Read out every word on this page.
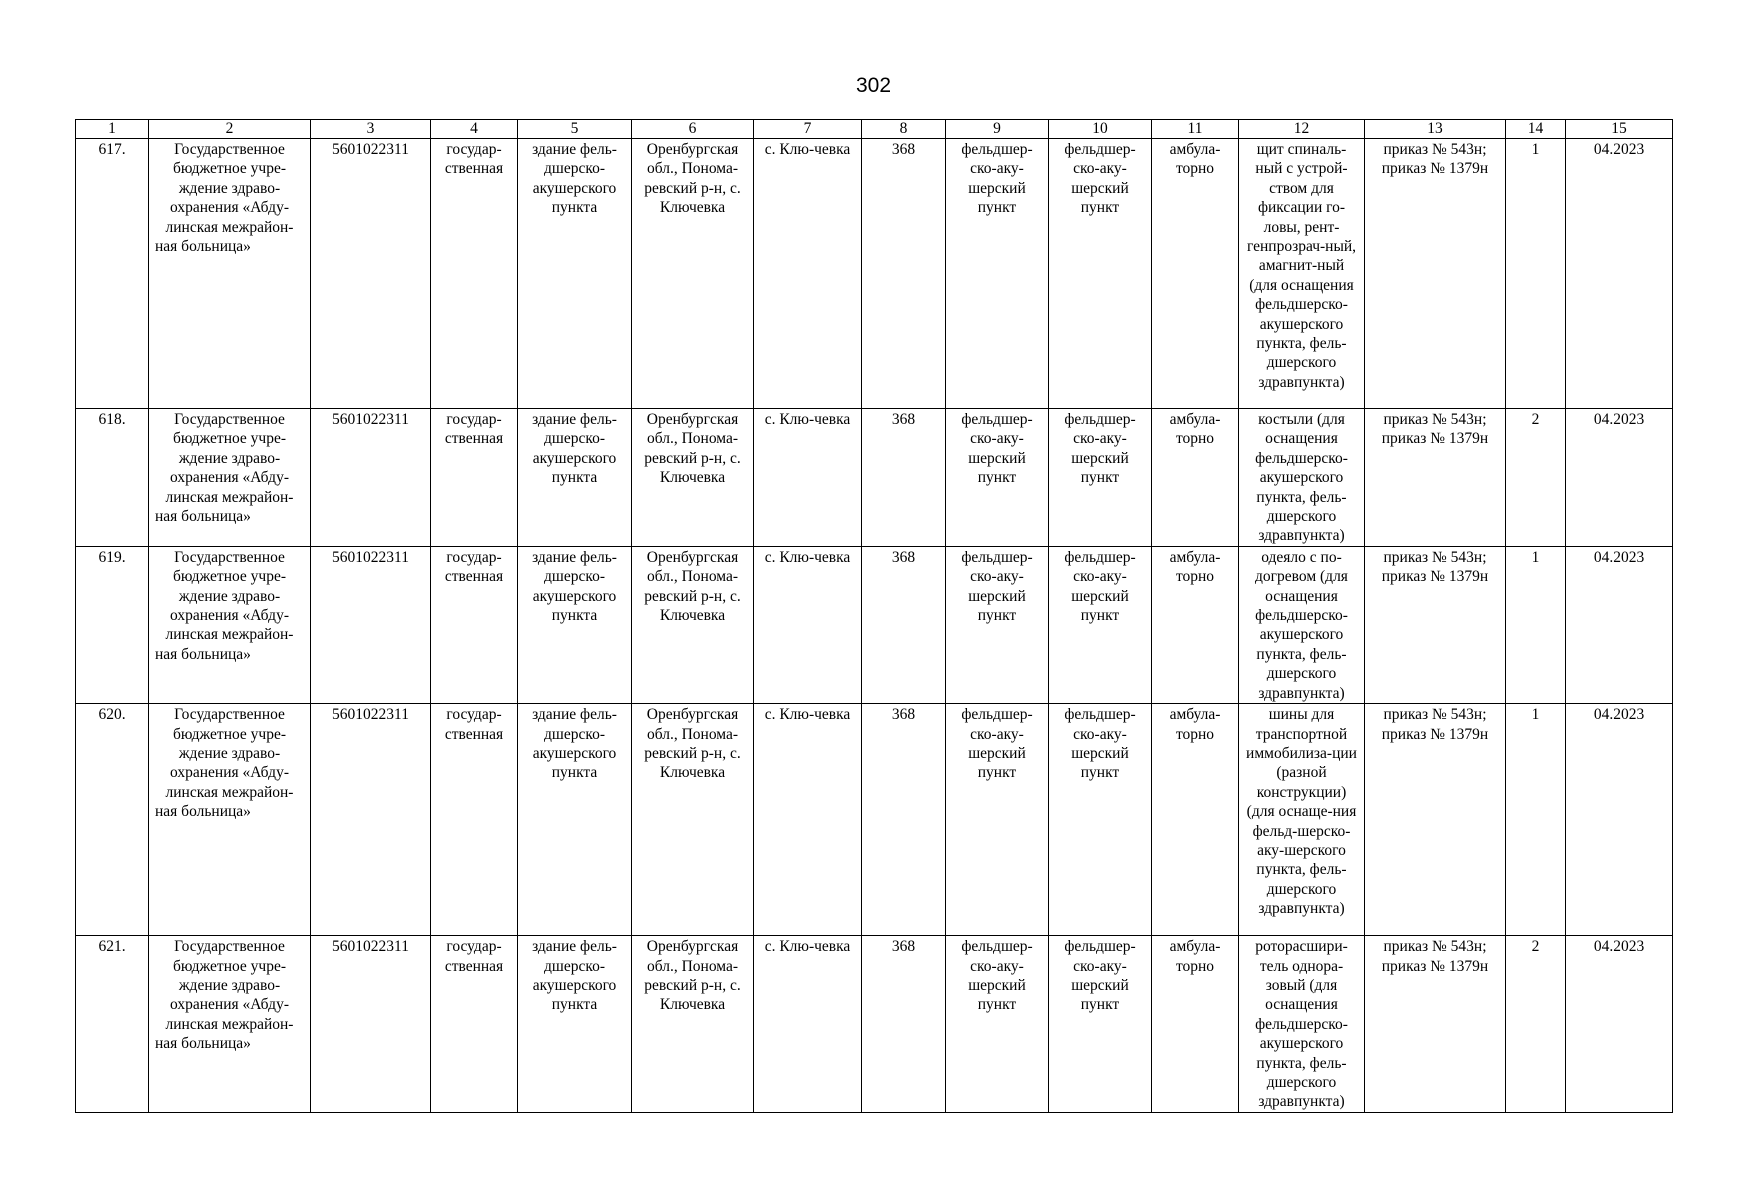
302
1	2	3	4	5	6	7	8	9	10	11	12	13	14	15
617.	Государственное бюджетное учре-ждение здраво-охранения «Абду-линская межрайон-ная больница»	5601022311	государ-ственная	здание фель-дшерско-акушерского пункта	Оренбургская обл., Понома-ревский р-н, с. Ключевка	с. Клю-чевка	368	фельдшер-ско-аку-шерский пункт	фельдшер-ско-аку-шерский пункт	амбула-торно	щит спиналь-ный с устрой-ством для фиксации го-ловы, рент-генпрозрач-ный, амагнит-ный (для оснащения фельдшерско-акушерского пункта, фель-дшерского здравпункта)	приказ № 543н; приказ № 1379н	1	04.2023
618.	Государственное бюджетное учре-ждение здраво-охранения «Абду-линская межрайон-ная больница»	5601022311	государ-ственная	здание фель-дшерско-акушерского пункта	Оренбургская обл., Понома-ревский р-н, с. Ключевка	с. Клю-чевка	368	фельдшер-ско-аку-шерский пункт	фельдшер-ско-аку-шерский пункт	амбула-торно	костыли (для оснащения фельдшерско-акушерского пункта, фель-дшерского здравпункта)	приказ № 543н; приказ № 1379н	2	04.2023
619.	Государственное бюджетное учре-ждение здраво-охранения «Абду-линская межрайон-ная больница»	5601022311	государ-ственная	здание фель-дшерско-акушерского пункта	Оренбургская обл., Понома-ревский р-н, с. Ключевка	с. Клю-чевка	368	фельдшер-ско-аку-шерский пункт	фельдшер-ско-аку-шерский пункт	амбула-торно	одеяло с по-догревом (для оснащения фельдшерско-акушерского пункта, фель-дшерского здравпункта)	приказ № 543н; приказ № 1379н	1	04.2023
620.	Государственное бюджетное учре-ждение здраво-охранения «Абду-линская межрайон-ная больница»	5601022311	государ-ственная	здание фель-дшерско-акушерского пункта	Оренбургская обл., Понома-ревский р-н, с. Ключевка	с. Клю-чевка	368	фельдшер-ско-аку-шерский пункт	фельдшер-ско-аку-шерский пункт	амбула-торно	шины для транспортной иммобилиза-ции (разной конструкции) (для оснаще-ния фельд-шерско-аку-шерского пункта, фель-дшерского здравпункта)	приказ № 543н; приказ № 1379н	1	04.2023
621.	Государственное бюджетное учре-ждение здраво-охранения «Абду-линская межрайон-ная больница»	5601022311	государ-ственная	здание фель-дшерско-акушерского пункта	Оренбургская обл., Понома-ревский р-н, с. Ключевка	с. Клю-чевка	368	фельдшер-ско-аку-шерский пункт	фельдшер-ско-аку-шерский пункт	амбула-торно	роторасшири-тель однора-зовый (для оснащения фельдшерско-акушерского пункта, фель-дшерского здравпункта)	приказ № 543н; приказ № 1379н	2	04.2023
